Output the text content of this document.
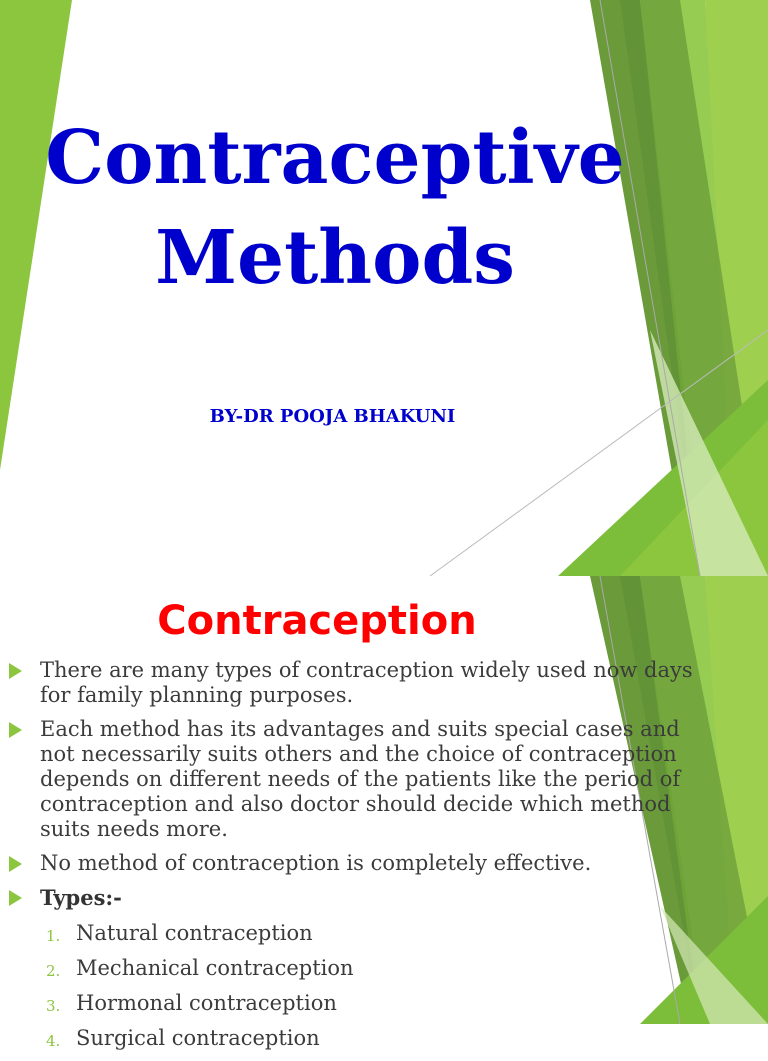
Contraceptive
Methods
BY-DR POOJA BHAKUNI
Contraception
There are many types of contraception widely used now days for family planning purposes.
Each method has its advantages and suits special cases and not necessarily suits others and the choice of contraception depends on different needs of the patients like the period of contraception and also doctor should decide which method suits needs more.
No method of contraception is completely effective.
Types:-
1. Natural contraception
2. Mechanical contraception
3. Hormonal contraception
4. Surgical contraception
